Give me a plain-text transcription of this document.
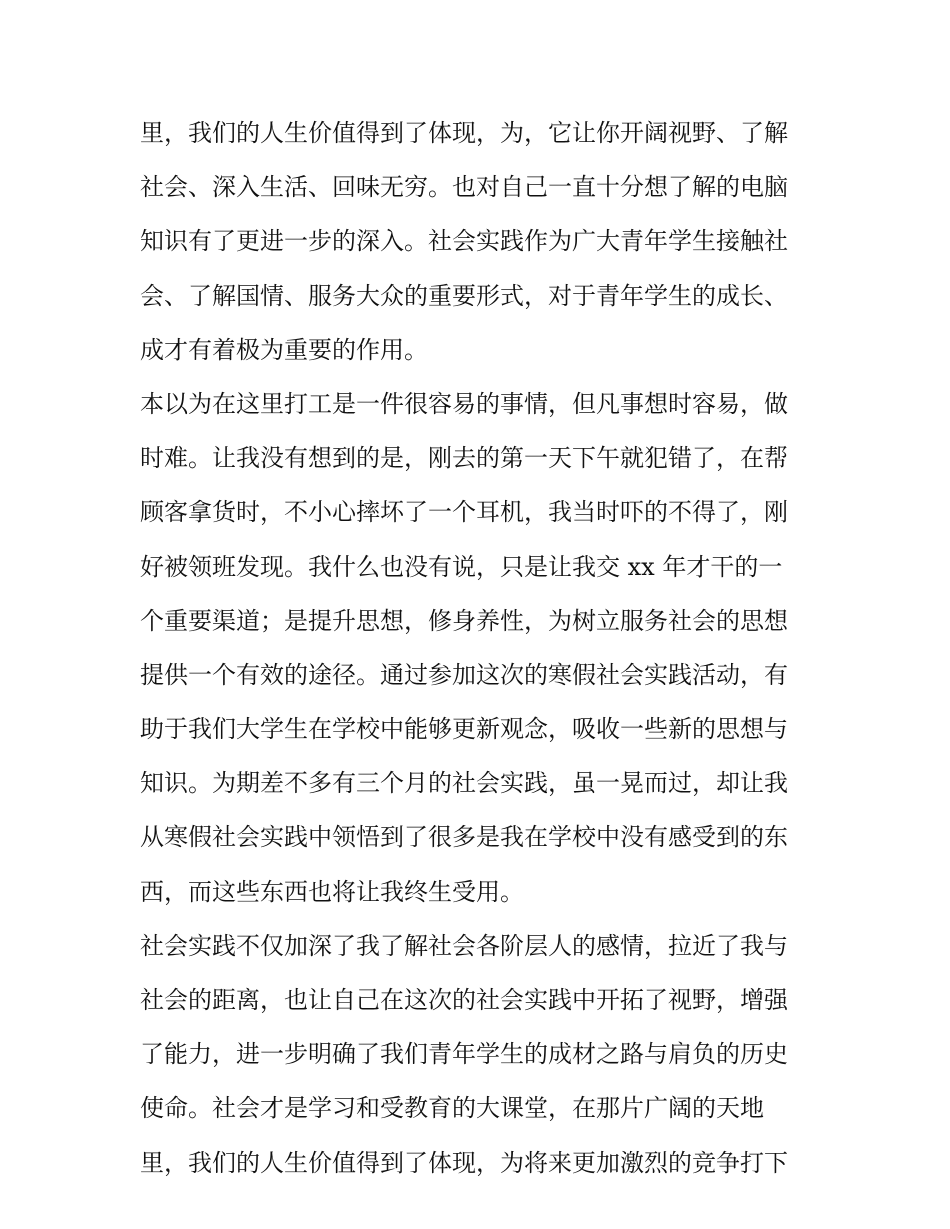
里，我们的人生价值得到了体现，为，它让你开阔视野、了解
社会、深入生活、回味无穷。也对自己一直十分想了解的电脑
知识有了更进一步的深入。社会实践作为广大青年学生接触社
会、了解国情、服务大众的重要形式，对于青年学生的成长、
成才有着极为重要的作用。
本以为在这里打工是一件很容易的事情，但凡事想时容易，做
时难。让我没有想到的是，刚去的第一天下午就犯错了，在帮
顾客拿货时，不小心摔坏了一个耳机，我当时吓的不得了，刚
好被领班发现。我什么也没有说，只是让我交 xx 年才干的一
个重要渠道；是提升思想，修身养性，为树立服务社会的思想
提供一个有效的途径。通过参加这次的寒假社会实践活动，有
助于我们大学生在学校中能够更新观念，吸收一些新的思想与
知识。为期差不多有三个月的社会实践，虽一晃而过，却让我
从寒假社会实践中领悟到了很多是我在学校中没有感受到的东
西，而这些东西也将让我终生受用。
社会实践不仅加深了我了解社会各阶层人的感情，拉近了我与
社会的距离，也让自己在这次的社会实践中开拓了视野，增强
了能力，进一步明确了我们青年学生的成材之路与肩负的历史
使命。社会才是学习和受教育的大课堂，在那片广阔的天地
里，我们的人生价值得到了体现，为将来更加激烈的竞争打下
